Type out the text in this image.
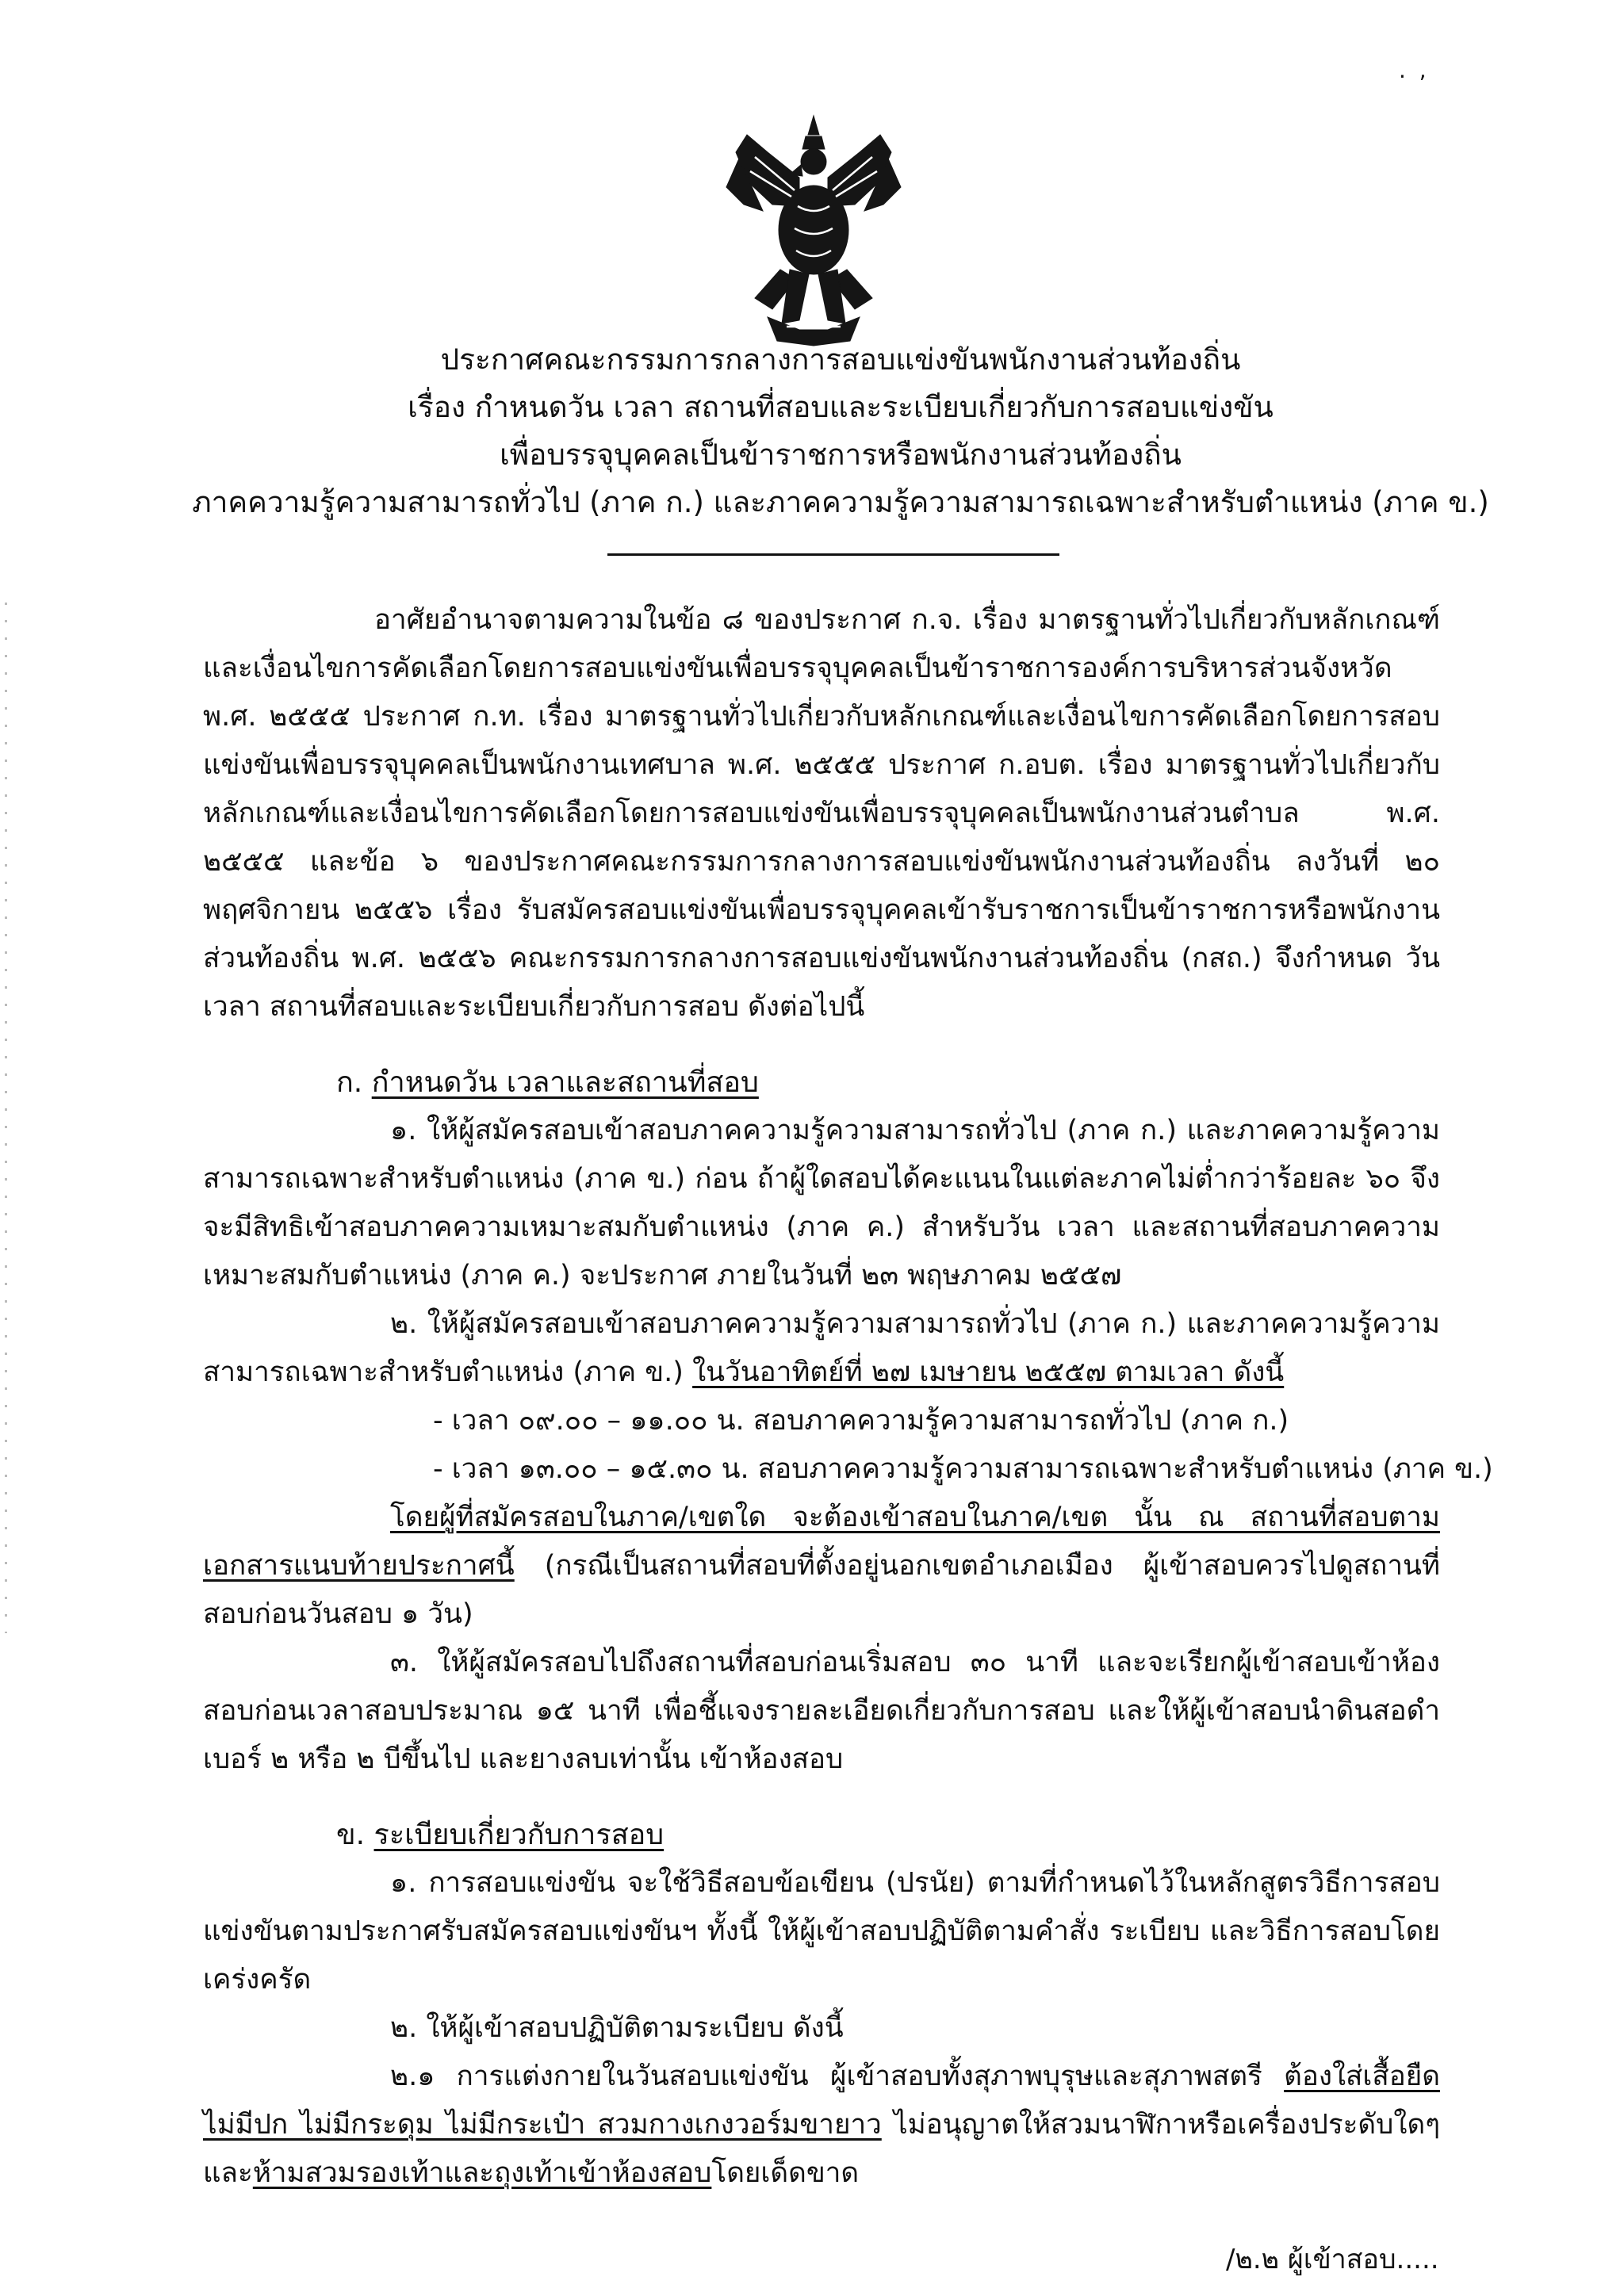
. ,
ประกาศคณะกรรมการกลางการสอบแข่งขันพนักงานส่วนท้องถิ่น
เรื่อง กำหนดวัน เวลา สถานที่สอบและระเบียบเกี่ยวกับการสอบแข่งขัน
เพื่อบรรจุบุคคลเป็นข้าราชการหรือพนักงานส่วนท้องถิ่น
ภาคความรู้ความสามารถทั่วไป (ภาค ก.) และภาคความรู้ความสามารถเฉพาะสำหรับตำแหน่ง (ภาค ข.)

อาศัยอำนาจตามความในข้อ ๘ ของประกาศ ก.จ. เรื่อง มาตรฐานทั่วไปเกี่ยวกับหลักเกณฑ์และเงื่อนไขการคัดเลือกโดยการสอบแข่งขันเพื่อบรรจุบุคคลเป็นข้าราชการองค์การบริหารส่วนจังหวัด พ.ศ. ๒๕๕๕ ประกาศ ก.ท. เรื่อง มาตรฐานทั่วไปเกี่ยวกับหลักเกณฑ์และเงื่อนไขการคัดเลือกโดยการสอบแข่งขันเพื่อบรรจุบุคคลเป็นพนักงานเทศบาล พ.ศ. ๒๕๕๕ ประกาศ ก.อบต. เรื่อง มาตรฐานทั่วไปเกี่ยวกับหลักเกณฑ์และเงื่อนไขการคัดเลือกโดยการสอบแข่งขันเพื่อบรรจุบุคคลเป็นพนักงานส่วนตำบล พ.ศ. ๒๕๕๕ และข้อ ๖ ของประกาศคณะกรรมการกลางการสอบแข่งขันพนักงานส่วนท้องถิ่น ลงวันที่ ๒๐ พฤศจิกายน ๒๕๕๖ เรื่อง รับสมัครสอบแข่งขันเพื่อบรรจุบุคคลเข้ารับราชการเป็นข้าราชการหรือพนักงานส่วนท้องถิ่น พ.ศ. ๒๕๕๖ คณะกรรมการกลางการสอบแข่งขันพนักงานส่วนท้องถิ่น (กสถ.) จึงกำหนด วัน เวลา สถานที่สอบและระเบียบเกี่ยวกับการสอบ ดังต่อไปนี้

ก. กำหนดวัน เวลาและสถานที่สอบ

๑. ให้ผู้สมัครสอบเข้าสอบภาคความรู้ความสามารถทั่วไป (ภาค ก.) และภาคความรู้ความสามารถเฉพาะสำหรับตำแหน่ง (ภาค ข.) ก่อน ถ้าผู้ใดสอบได้คะแนนในแต่ละภาคไม่ต่ำกว่าร้อยละ ๖๐ จึงจะมีสิทธิเข้าสอบภาคความเหมาะสมกับตำแหน่ง (ภาค ค.) สำหรับวัน เวลา และสถานที่สอบภาคความเหมาะสมกับตำแหน่ง (ภาค ค.) จะประกาศ ภายในวันที่ ๒๓ พฤษภาคม ๒๕๕๗

๒. ให้ผู้สมัครสอบเข้าสอบภาคความรู้ความสามารถทั่วไป (ภาค ก.) และภาคความรู้ความสามารถเฉพาะสำหรับตำแหน่ง (ภาค ข.) ในวันอาทิตย์ที่ ๒๗ เมษายน ๒๕๕๗ ตามเวลา ดังนี้

- เวลา ๐๙.๐๐ – ๑๑.๐๐ น. สอบภาคความรู้ความสามารถทั่วไป (ภาค ก.)

- เวลา ๑๓.๐๐ – ๑๕.๓๐ น. สอบภาคความรู้ความสามารถเฉพาะสำหรับตำแหน่ง (ภาค ข.)

โดยผู้ที่สมัครสอบในภาค/เขตใด จะต้องเข้าสอบในภาค/เขต นั้น ณ สถานที่สอบตามเอกสารแนบท้ายประกาศนี้ (กรณีเป็นสถานที่สอบที่ตั้งอยู่นอกเขตอำเภอเมือง ผู้เข้าสอบควรไปดูสถานที่สอบก่อนวันสอบ ๑ วัน)

๓. ให้ผู้สมัครสอบไปถึงสถานที่สอบก่อนเริ่มสอบ ๓๐ นาที และจะเรียกผู้เข้าสอบเข้าห้องสอบก่อนเวลาสอบประมาณ ๑๕ นาที เพื่อชี้แจงรายละเอียดเกี่ยวกับการสอบ และให้ผู้เข้าสอบนำดินสอดำ เบอร์ ๒ หรือ ๒ บีขึ้นไป และยางลบเท่านั้น เข้าห้องสอบ

ข. ระเบียบเกี่ยวกับการสอบ

๑. การสอบแข่งขัน จะใช้วิธีสอบข้อเขียน (ปรนัย) ตามที่กำหนดไว้ในหลักสูตรวิธีการสอบแข่งขันตามประกาศรับสมัครสอบแข่งขันฯ ทั้งนี้ ให้ผู้เข้าสอบปฏิบัติตามคำสั่ง ระเบียบ และวิธีการสอบโดยเคร่งครัด

๒. ให้ผู้เข้าสอบปฏิบัติตามระเบียบ ดังนี้

๒.๑ การแต่งกายในวันสอบแข่งขัน ผู้เข้าสอบทั้งสุภาพบุรุษและสุภาพสตรี ต้องใส่เสื้อยืด ไม่มีปก ไม่มีกระดุม ไม่มีกระเป๋า สวมกางเกงวอร์มขายาว ไม่อนุญาตให้สวมนาฬิกาหรือเครื่องประดับใดๆ และห้ามสวมรองเท้าและถุงเท้าเข้าห้องสอบโดยเด็ดขาด

/๒.๒ ผู้เข้าสอบ.....
